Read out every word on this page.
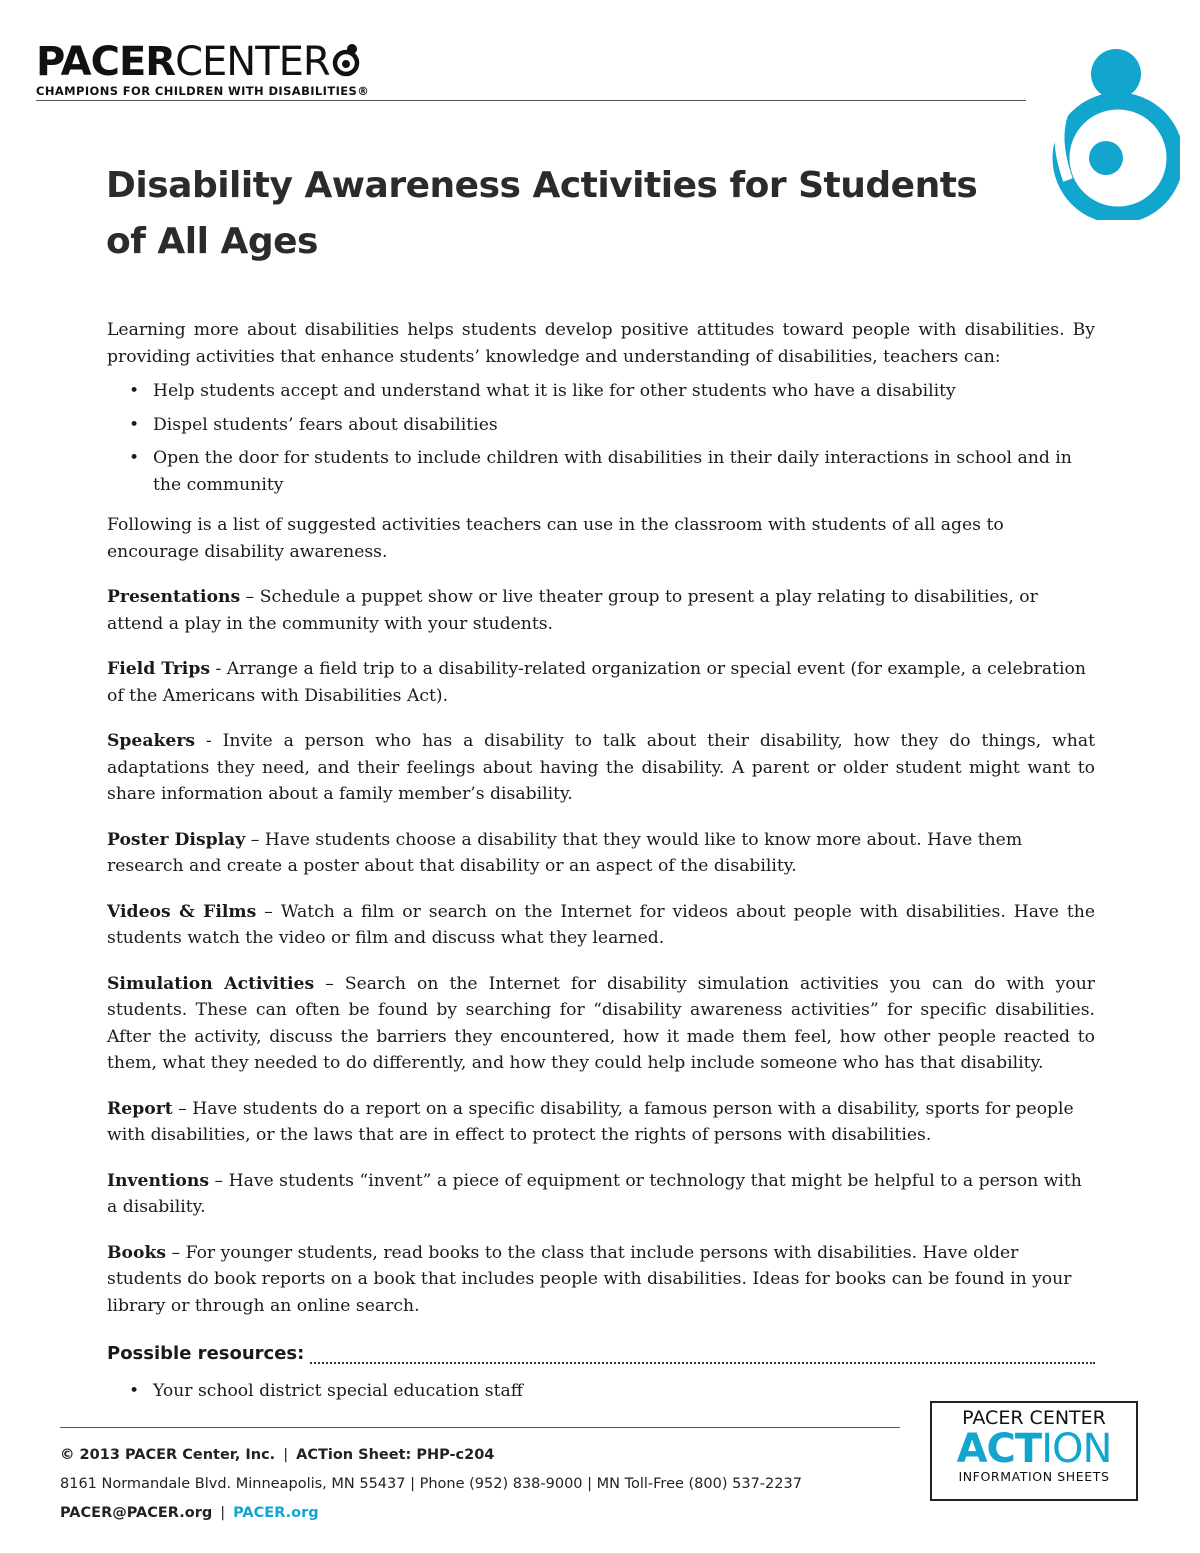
PACERCENTER
CHAMPIONS FOR CHILDREN WITH DISABILITIES®
Disability Awareness Activities for Students of All Ages

Learning more about disabilities helps students develop positive attitudes toward people with disabilities. By providing activities that enhance students’ knowledge and understanding of disabilities, teachers can:

• Help students accept and understand what it is like for other students who have a disability
• Dispel students’ fears about disabilities
• Open the door for students to include children with disabilities in their daily interactions in school and in the community

Following is a list of suggested activities teachers can use in the classroom with students of all ages to encourage disability awareness.

Presentations – Schedule a puppet show or live theater group to present a play relating to disabilities, or attend a play in the community with your students.

Field Trips - Arrange a field trip to a disability-related organization or special event (for example, a celebration of the Americans with Disabilities Act).

Speakers - Invite a person who has a disability to talk about their disability, how they do things, what adaptations they need, and their feelings about having the disability. A parent or older student might want to share information about a family member’s disability.

Poster Display – Have students choose a disability that they would like to know more about. Have them research and create a poster about that disability or an aspect of the disability.

Videos & Films – Watch a film or search on the Internet for videos about people with disabilities. Have the students watch the video or film and discuss what they learned.

Simulation Activities – Search on the Internet for disability simulation activities you can do with your students. These can often be found by searching for “disability awareness activities” for specific disabilities. After the activity, discuss the barriers they encountered, how it made them feel, how other people reacted to them, what they needed to do differently, and how they could help include someone who has that disability.

Report – Have students do a report on a specific disability, a famous person with a disability, sports for people with disabilities, or the laws that are in effect to protect the rights of persons with disabilities.

Inventions – Have students “invent” a piece of equipment or technology that might be helpful to a person with a disability.

Books – For younger students, read books to the class that include persons with disabilities. Have older students do book reports on a book that includes people with disabilities. Ideas for books can be found in your library or through an online search.

Possible resources:

• Your school district special education staff
© 2013 PACER Center, Inc. | ACTion Sheet: PHP-c204
8161 Normandale Blvd. Minneapolis, MN 55437 | Phone (952) 838-9000 | MN Toll-Free (800) 537-2237
PACER@PACER.org | PACER.org
PACER CENTER
ACTION
INFORMATION SHEETS
